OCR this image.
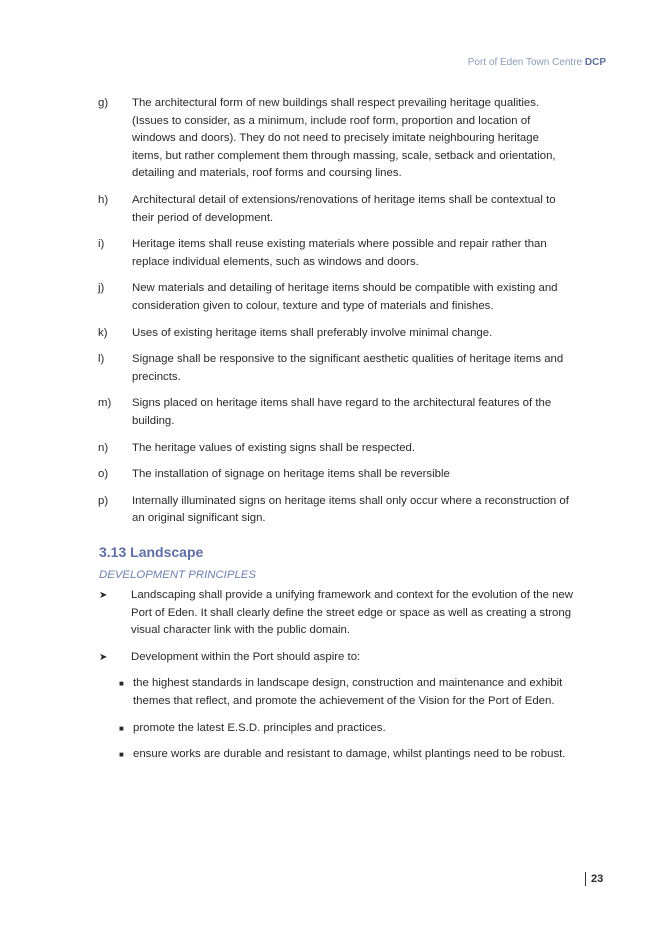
Port of Eden Town Centre DCP
g)	The architectural form of new buildings shall respect prevailing heritage qualities. (Issues to consider, as a minimum, include roof form, proportion and location of windows and doors). They do not need to precisely imitate neighbouring heritage items, but rather complement them through massing, scale, setback and orientation, detailing and materials, roof forms and coursing lines.
h)	Architectural detail of extensions/renovations of heritage items shall be contextual to their period of development.
i)	Heritage items shall reuse existing materials where possible and repair rather than replace individual elements, such as windows and doors.
j)	New materials and detailing of heritage items should be compatible with existing and consideration given to colour, texture and type of materials and finishes.
k)	Uses of existing heritage items shall preferably involve minimal change.
l)	Signage shall be responsive to the significant aesthetic qualities of heritage items and precincts.
m)	Signs placed on heritage items shall have regard to the architectural features of the building.
n)	The heritage values of existing signs shall be respected.
o)	The installation of signage on heritage items shall be reversible
p)	Internally illuminated signs on heritage items shall only occur where a reconstruction of an original significant sign.
3.13 Landscape
DEVELOPMENT PRINCIPLES
➤	Landscaping shall provide a unifying framework and context for the evolution of the new Port of Eden. It shall clearly define the street edge or space as well as creating a strong visual character link with the public domain.
➤	Development within the Port should aspire to:
■ the highest standards in landscape design, construction and maintenance and exhibit themes that reflect, and promote the achievement of the Vision for the Port of Eden.
■ promote the latest E.S.D. principles and practices.
■ ensure works are durable and resistant to damage, whilst plantings need to be robust.
23
